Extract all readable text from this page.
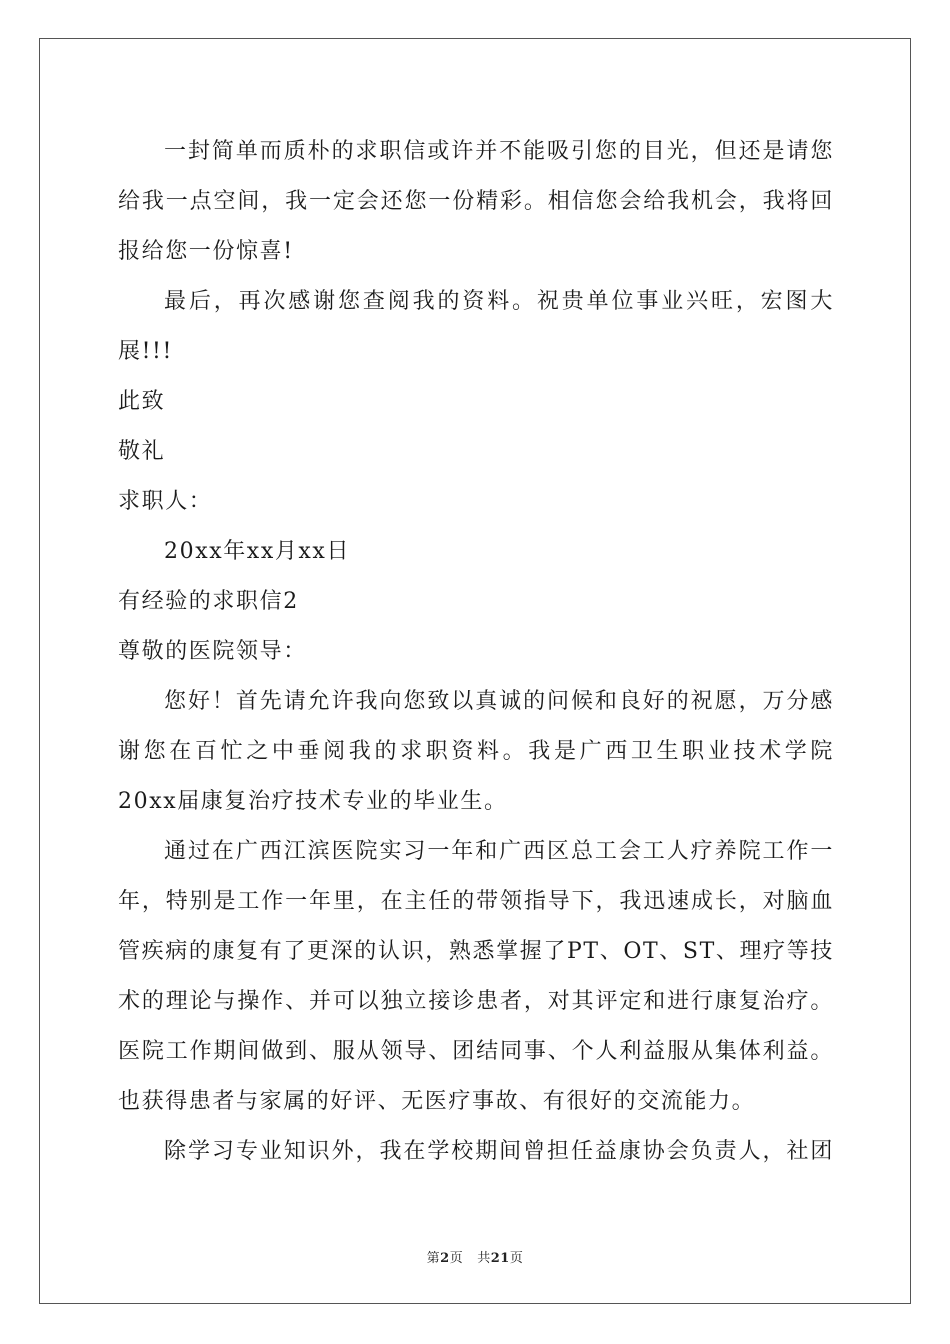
一封简单而质朴的求职信或许并不能吸引您的目光，但还是请您
给我一点空间，我一定会还您一份精彩。相信您会给我机会，我将回
报给您一份惊喜!
最后，再次感谢您查阅我的资料。祝贵单位事业兴旺，宏图大
展!!!
此致
敬礼
求职人：
20xx年xx月xx日
有经验的求职信2
尊敬的医院领导：
您好！首先请允许我向您致以真诚的问候和良好的祝愿，万分感
谢您在百忙之中垂阅我的求职资料。我是广西卫生职业技术学院
20xx届康复治疗技术专业的毕业生。
通过在广西江滨医院实习一年和广西区总工会工人疗养院工作一
年，特别是工作一年里，在主任的带领指导下，我迅速成长，对脑血
管疾病的康复有了更深的认识，熟悉掌握了PT、OT、ST、理疗等技
术的理论与操作、并可以独立接诊患者，对其评定和进行康复治疗。
医院工作期间做到、服从领导、团结同事、个人利益服从集体利益。
也获得患者与家属的好评、无医疗事故、有很好的交流能力。
除学习专业知识外，我在学校期间曾担任益康协会负责人，社团
第2页 共21页
